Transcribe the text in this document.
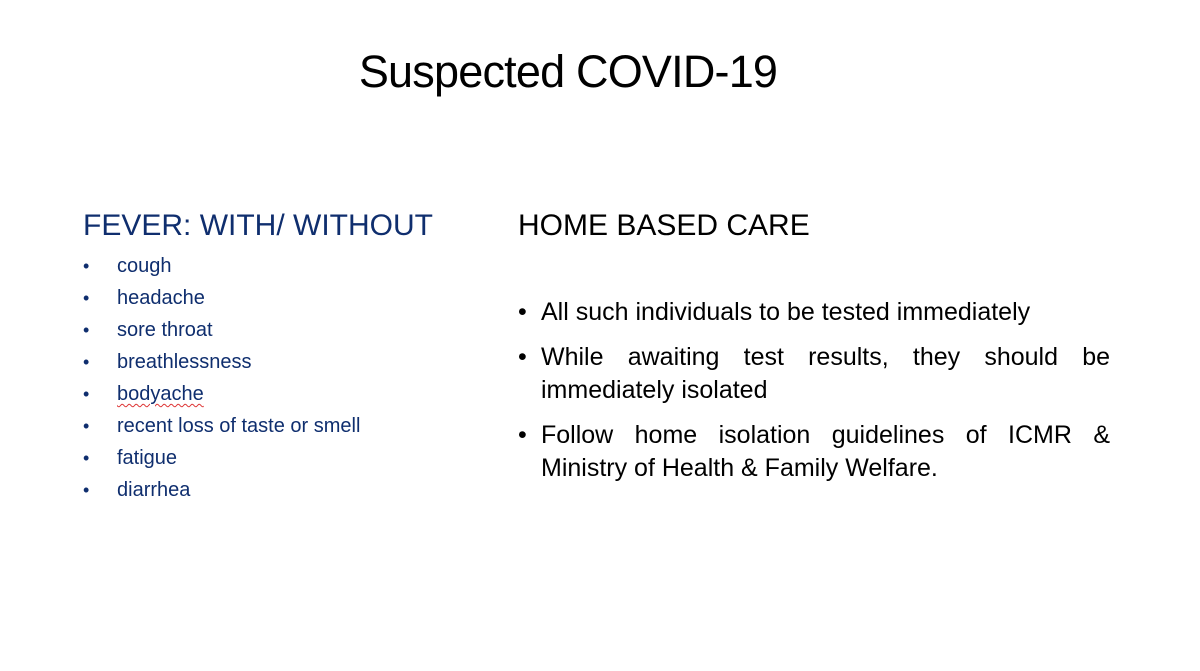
Suspected COVID-19
FEVER: WITH/ WITHOUT
• cough
• headache
• sore throat
• breathlessness
• bodyache
• recent loss of taste or smell
• fatigue
• diarrhea
HOME BASED CARE
• All such individuals to be tested immediately
• While awaiting test results, they should be immediately isolated
• Follow home isolation guidelines of ICMR & Ministry of Health & Family Welfare.
